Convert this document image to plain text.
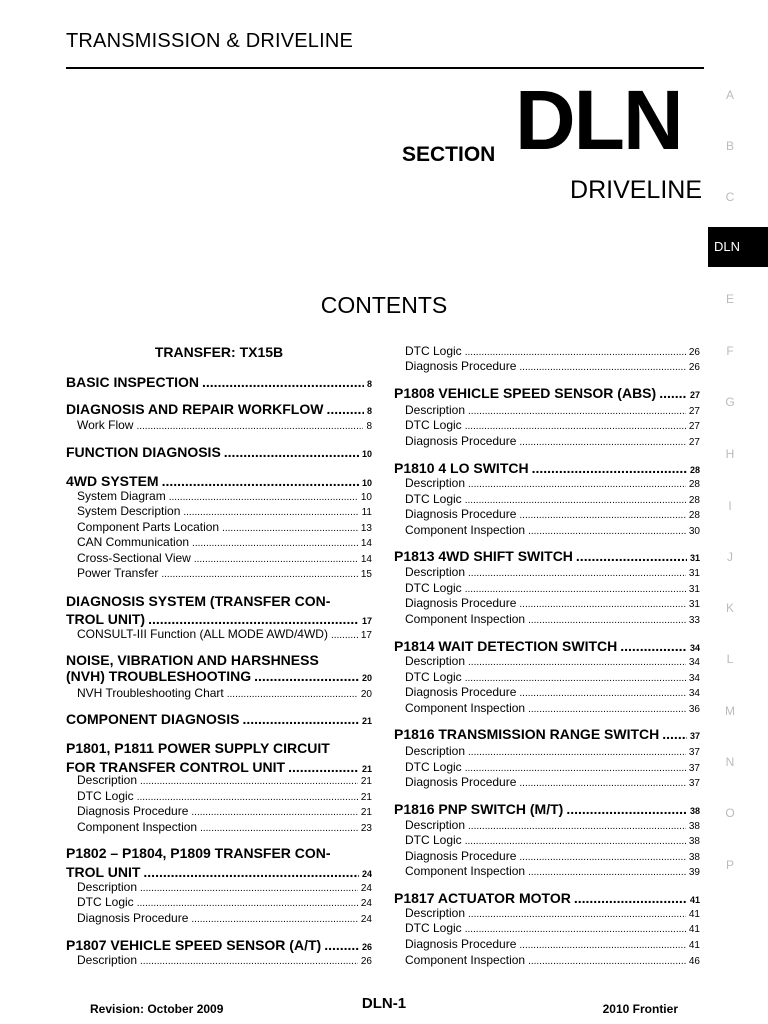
TRANSMISSION & DRIVELINE
SECTION DLN
DRIVELINE
CONTENTS
A
B
C
DLN
E
F
G
H
I
J
K
L
M
N
O
P
TRANSFER: TX15B
BASIC INSPECTION .....	8
DIAGNOSIS AND REPAIR WORKFLOW .....	8
Work Flow .....	8
FUNCTION DIAGNOSIS .....	10
4WD SYSTEM .....	10
System Diagram .....	10
System Description .....	11
Component Parts Location .....	13
CAN Communication .....	14
Cross-Sectional View .....	14
Power Transfer .....	15
DIAGNOSIS SYSTEM (TRANSFER CON-
TROL UNIT) .....	17
CONSULT-III Function (ALL MODE AWD/4WD) .....	17
NOISE, VIBRATION AND HARSHNESS
(NVH) TROUBLESHOOTING .....	20
NVH Troubleshooting Chart .....	20
COMPONENT DIAGNOSIS .....	21
P1801, P1811 POWER SUPPLY CIRCUIT
FOR TRANSFER CONTROL UNIT .....	21
Description .....	21
DTC Logic .....	21
Diagnosis Procedure .....	21
Component Inspection .....	23
P1802 – P1804, P1809 TRANSFER CON-
TROL UNIT .....	24
Description .....	24
DTC Logic .....	24
Diagnosis Procedure .....	24
P1807 VEHICLE SPEED SENSOR (A/T) .....	26
Description .....	26
DTC Logic .....	26
Diagnosis Procedure .....	26
P1808 VEHICLE SPEED SENSOR (ABS) .....	27
Description .....	27
DTC Logic .....	27
Diagnosis Procedure .....	27
P1810 4 LO SWITCH .....	28
Description .....	28
DTC Logic .....	28
Diagnosis Procedure .....	28
Component Inspection .....	30
P1813 4WD SHIFT SWITCH .....	31
Description .....	31
DTC Logic .....	31
Diagnosis Procedure .....	31
Component Inspection .....	33
P1814 WAIT DETECTION SWITCH .....	34
Description .....	34
DTC Logic .....	34
Diagnosis Procedure .....	34
Component Inspection .....	36
P1816 TRANSMISSION RANGE SWITCH .....	37
Description .....	37
DTC Logic .....	37
Diagnosis Procedure .....	37
P1816 PNP SWITCH (M/T) .....	38
Description .....	38
DTC Logic .....	38
Diagnosis Procedure .....	38
Component Inspection .....	39
P1817 ACTUATOR MOTOR .....	41
Description .....	41
DTC Logic .....	41
Diagnosis Procedure .....	41
Component Inspection .....	46
Revision: October 2009	DLN-1	2010 Frontier
